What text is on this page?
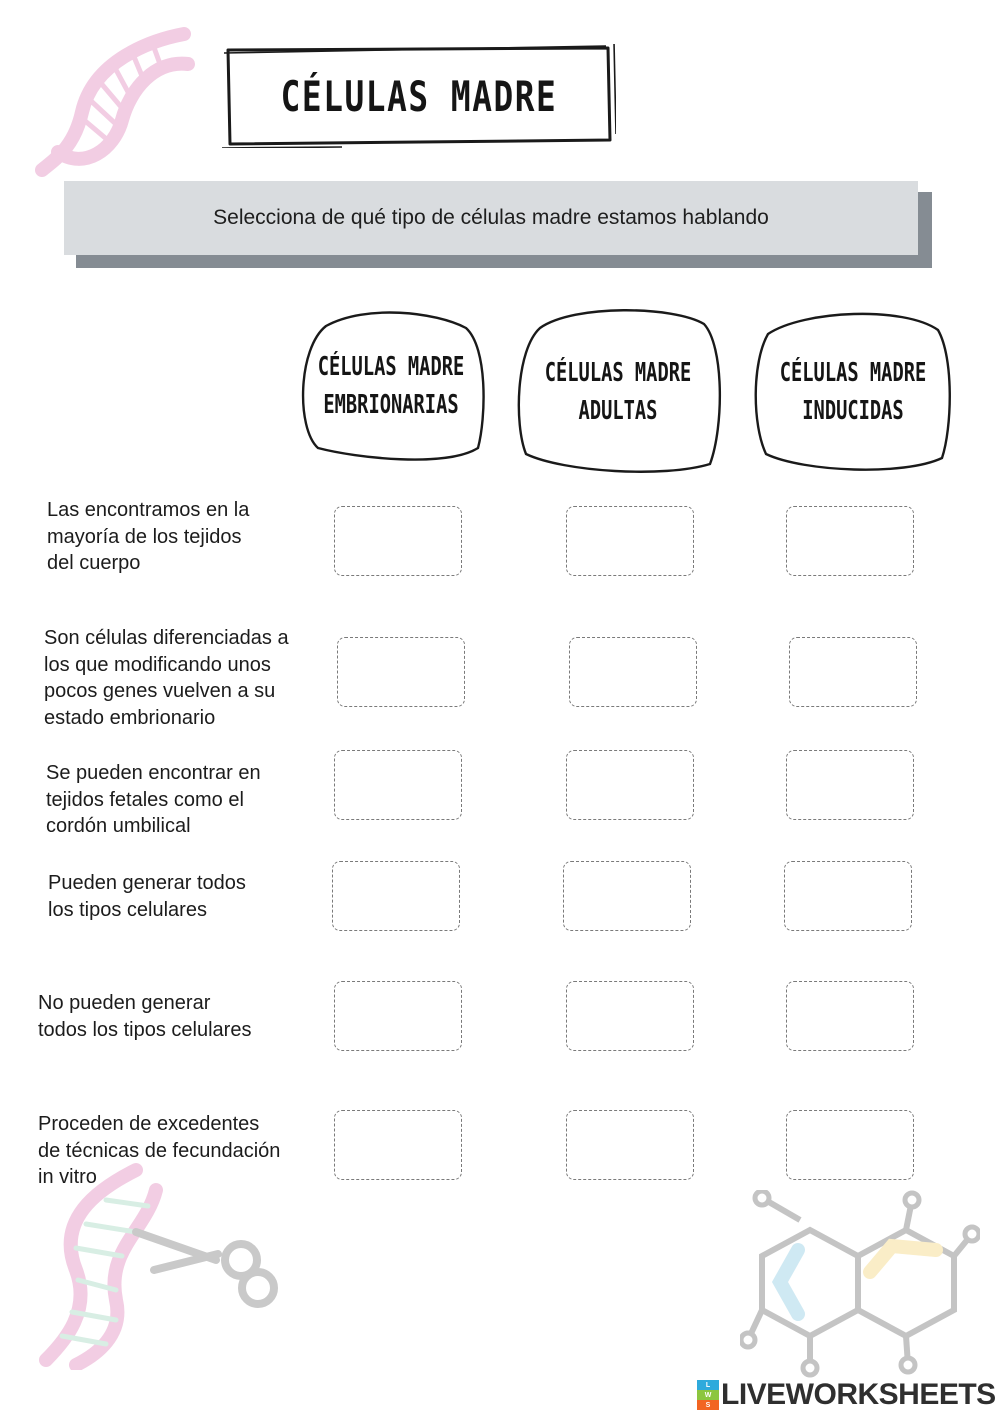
CÉLULAS MADRE
Selecciona de qué tipo de células madre estamos hablando
CÉLULAS MADRE
EMBRIONARIAS
CÉLULAS MADRE
ADULTAS
CÉLULAS MADRE
INDUCIDAS
Las encontramos en la
mayoría de los tejidos
del cuerpo
Son células diferenciadas a
los que modificando unos
pocos genes vuelven a su
estado embrionario
Se pueden encontrar en
tejidos fetales como el
cordón umbilical
Pueden generar todos
los tipos celulares
No pueden generar
todos los tipos celulares
Proceden de excedentes
de técnicas de fecundación
in vitro
L
W
S LIVEWORKSHEETS
